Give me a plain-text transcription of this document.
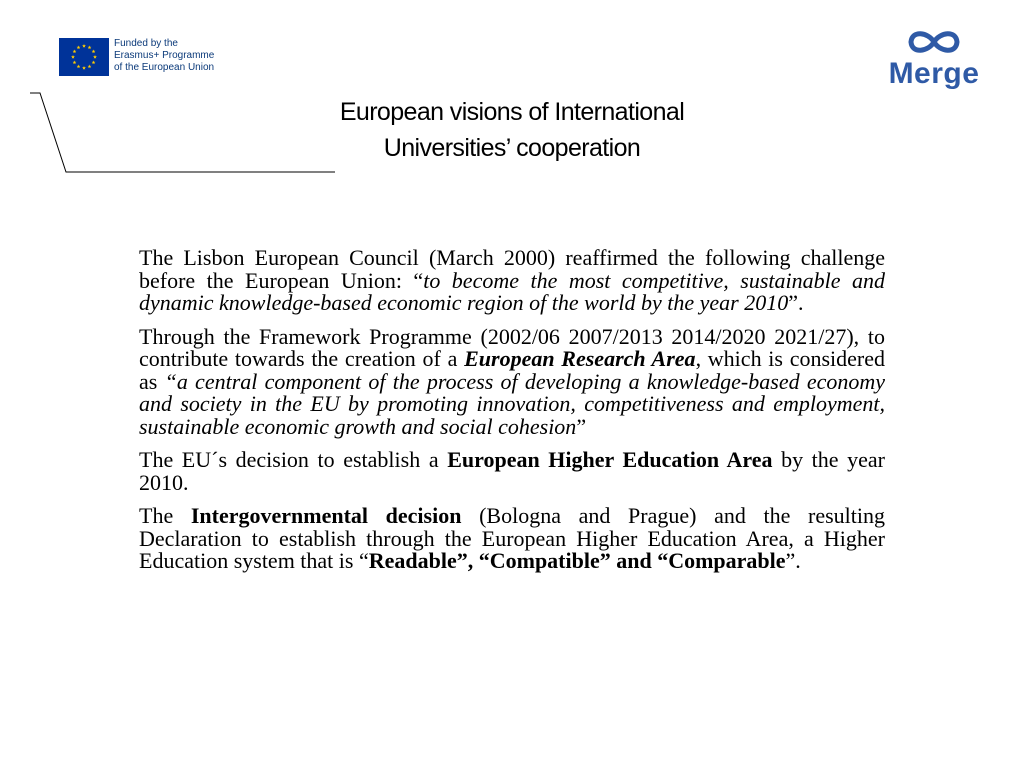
Funded by the
Erasmus+ Programme
of the European Union	Merge
European visions of International
Universities’ cooperation

The Lisbon European Council (March 2000) reaffirmed the following challenge before the European Union: “to become the most competitive, sustainable and dynamic knowledge-based economic region of the world by the year 2010”.

Through the Framework Programme (2002/06 2007/2013 2014/2020 2021/27), to contribute towards the creation of a European Research Area, which is considered as “a central component of the process of developing a knowledge-based economy and society in the EU by promoting innovation, competitiveness and employment, sustainable economic growth and social cohesion”

The EU´s decision to establish a European Higher Education Area by the year 2010.

The Intergovernmental decision (Bologna and Prague) and the resulting Declaration to establish through the European Higher Education Area, a Higher Education system that is “Readable”, “Compatible” and “Comparable”.
